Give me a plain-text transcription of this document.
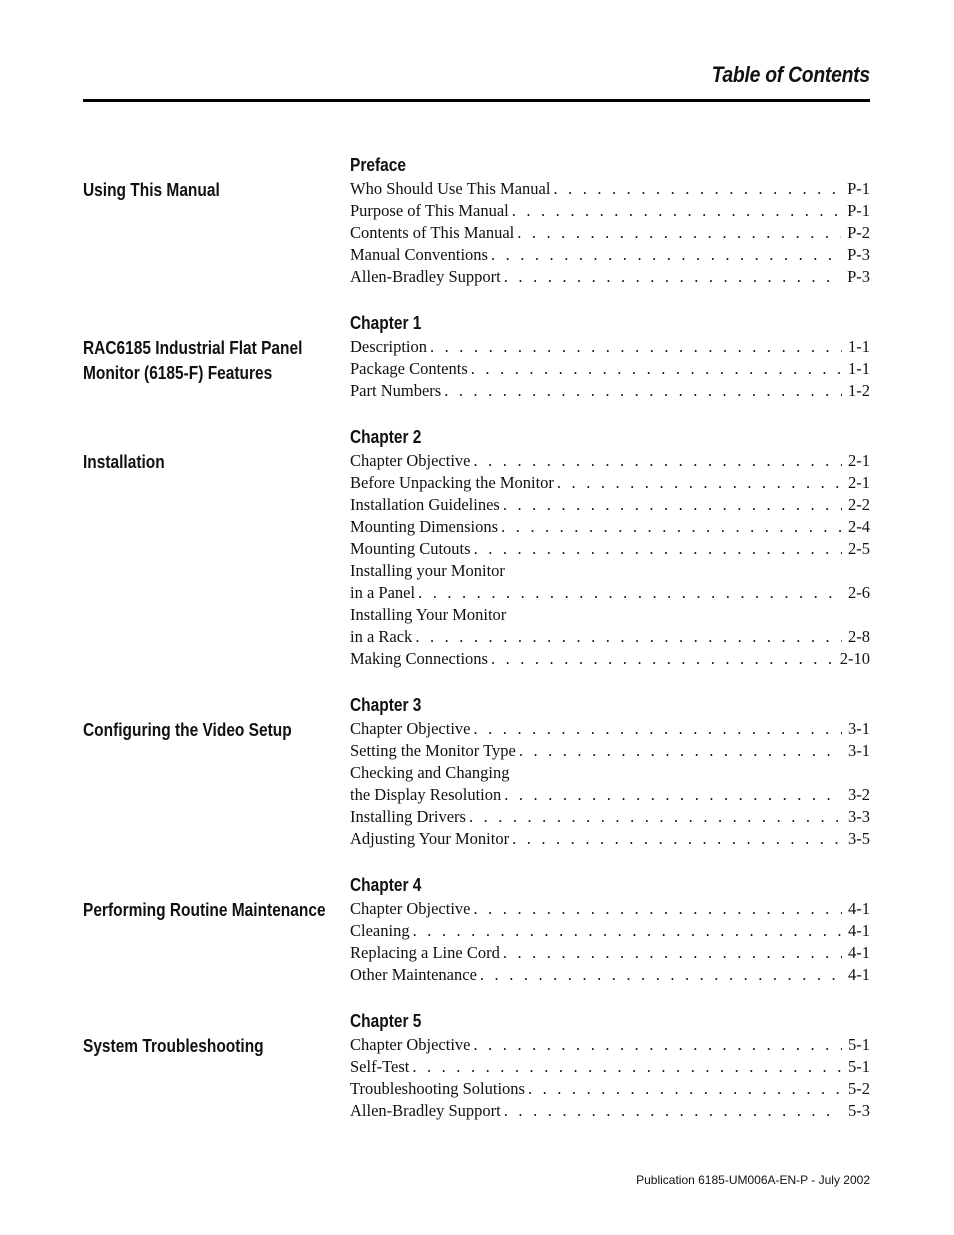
Table of Contents
Using This Manual
Preface
Who Should Use This Manual . . .	P-1
Purpose of This Manual . . .	P-1
Contents of This Manual . . .	P-2
Manual Conventions . . .	P-3
Allen-Bradley Support . . .	P-3
RAC6185 Industrial Flat Panel
Monitor (6185-F) Features
Chapter 1
Description . . .	1-1
Package Contents . . .	1-1
Part Numbers . . .	1-2
Installation
Chapter 2
Chapter Objective . . .	2-1
Before Unpacking the Monitor . . .	2-1
Installation Guidelines . . .	2-2
Mounting Dimensions . . .	2-4
Mounting Cutouts . . .	2-5
Installing your Monitor
in a Panel . . .	2-6
Installing Your Monitor
in a Rack . . .	2-8
Making Connections . . .	2-10
Configuring the Video Setup
Chapter 3
Chapter Objective . . .	3-1
Setting the Monitor Type . . .	3-1
Checking and Changing
the Display Resolution . . .	3-2
Installing Drivers . . .	3-3
Adjusting Your Monitor . . .	3-5
Performing Routine Maintenance
Chapter 4
Chapter Objective . . .	4-1
Cleaning . . .	4-1
Replacing a Line Cord . . .	4-1
Other Maintenance . . .	4-1
System Troubleshooting
Chapter 5
Chapter Objective . . .	5-1
Self-Test . . .	5-1
Troubleshooting Solutions . . .	5-2
Allen-Bradley Support . . .	5-3
Publication 6185-UM006A-EN-P - July 2002
